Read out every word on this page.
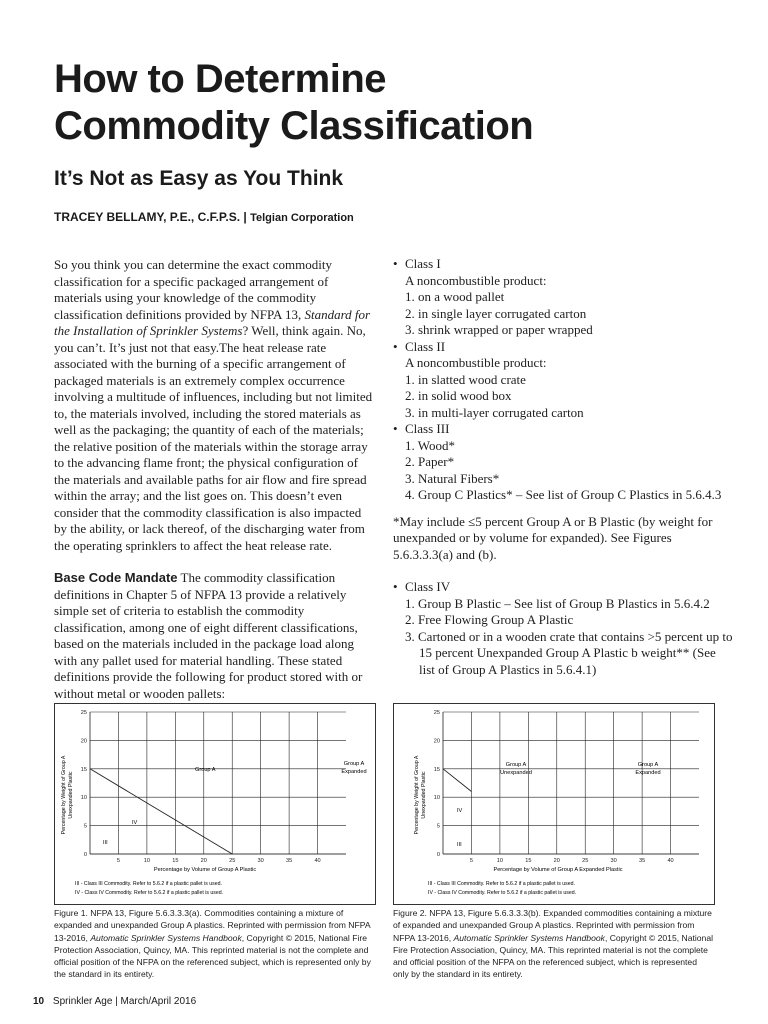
How to Determine
Commodity Classification
It’s Not as Easy as You Think
TRACEY BELLAMY, P.E., C.F.P.S. | Telgian Corporation

So you think you can determine the exact commodity classification for a specific packaged arrangement of materials using your knowledge of the commodity classification definitions provided by NFPA 13, Standard for the Installation of Sprinkler Systems? Well, think again. No, you can’t. It’s just not that easy.The heat release rate associated with the burning of a specific arrangement of packaged materials is an extremely complex occurrence involving a multitude of influences, including but not limited to, the materials involved, including the stored materials as well as the packaging; the quantity of each of the materials; the relative position of the materials within the storage array to the advancing flame front; the physical configuration of the materials and available paths for air flow and fire spread within the array; and the list goes on. This doesn’t even consider that the commodity classification is also impacted by the ability, or lack thereof, of the discharging water from the operating sprinklers to affect the heat release rate.

Base Code Mandate The commodity classification definitions in Chapter 5 of NFPA 13 provide a relatively simple set of criteria to establish the commodity classification, among one of eight different classifications, based on the materials included in the package load along with any pallet used for material handling. These stated definitions provide the following for product stored with or without metal or wooden pallets:

• Class I
A noncombustible product:
1. on a wood pallet
2. in single layer corrugated carton
3. shrink wrapped or paper wrapped
• Class II
A noncombustible product:
1. in slatted wood crate
2. in solid wood box
3. in multi-layer corrugated carton
• Class III
1. Wood*
2. Paper*
3. Natural Fibers*
4. Group C Plastics* – See list of Group C Plastics in 5.6.4.3

*May include ≤5 percent Group A or B Plastic (by weight for unexpanded or by volume for expanded). See Figures 5.6.3.3.3(a) and (b).

• Class IV
1. Group B Plastic – See list of Group B Plastics in 5.6.4.2
2. Free Flowing Group A Plastic
3. Cartoned or in a wooden crate that contains >5 percent up to 15 percent Unexpanded Group A Plastic b weight** (See list of Group A Plastics in 5.6.4.1)
5	10	15	20	25	30	35	40
0
5
10
15
20
25
Percentage by Weight of Group A Unexpanded Plastic
Percentage by Volume of Group A Plastic
Group A
Group A
Expanded
IV
III
III - Class III Commodity. Refer to 5.6.2 if a plastic pallet is used.
IV - Class IV Commodity. Refer to 5.6.2 if a plastic pallet is used.
5	10	15	20	25	30	35	40
0
5
10
15
20
25
Percentage by Weight of Group A Unexpanded Plastic
Percentage by Volume of Group A Expanded Plastic
Group A
Unexpanded
Group A
Expanded
IV
III
III - Class III Commodity. Refer to 5.6.2 if a plastic pallet is used.
IV - Class IV Commodity. Refer to 5.6.2 if a plastic pallet is used.
Figure 1. NFPA 13, Figure 5.6.3.3.3(a). Commodities containing a mixture of expanded and unexpanded Group A plastics. Reprinted with permission from NFPA 13-2016, Automatic Sprinkler Systems Handbook, Copyright © 2015, National Fire Protection Association, Quincy, MA. This reprinted material is not the complete and official position of the NFPA on the referenced subject, which is represented only by the standard in its entirety.
Figure 2. NFPA 13, Figure 5.6.3.3.3(b). Expanded commodities containing a mixture of expanded and unexpanded Group A plastics. Reprinted with permission from NFPA 13-2016, Automatic Sprinkler Systems Handbook, Copyright © 2015, National Fire Protection Association, Quincy, MA. This reprinted material is not the complete and official position of the NFPA on the referenced subject, which is represented only by the standard in its entirety.
10 Sprinkler Age | March/April 2016
